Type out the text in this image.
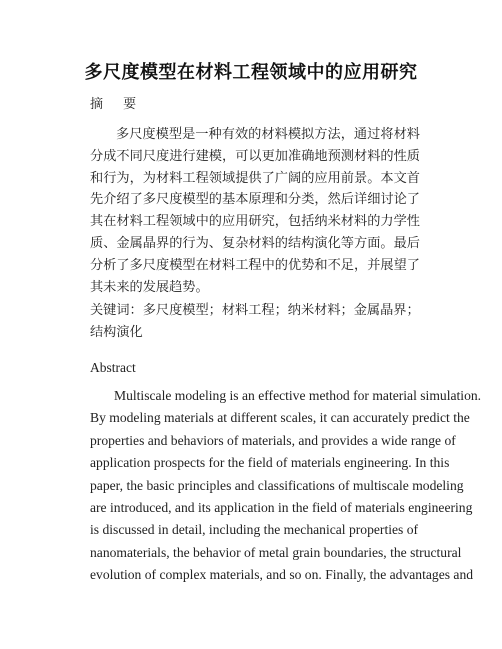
多尺度模型在材料工程领域中的应用研究
摘 要
多尺度模型是一种有效的材料模拟方法，通过将材料分成不同尺度进行建模，可以更加准确地预测材料的性质和行为，为材料工程领域提供了广阔的应用前景。本文首先介绍了多尺度模型的基本原理和分类，然后详细讨论了其在材料工程领域中的应用研究，包括纳米材料的力学性质、金属晶界的行为、复杂材料的结构演化等方面。最后分析了多尺度模型在材料工程中的优势和不足，并展望了其未来的发展趋势。
关键词：多尺度模型；材料工程；纳米材料；金属晶界；结构演化
Abstract
Multiscale modeling is an effective method for material simulation.
By modeling materials at different scales, it can accurately predict the
properties and behaviors of materials, and provides a wide range of
application prospects for the field of materials engineering. In this
paper, the basic principles and classifications of multiscale modeling
are introduced, and its application in the field of materials engineering
is discussed in detail, including the mechanical properties of
nanomaterials, the behavior of metal grain boundaries, the structural
evolution of complex materials, and so on. Finally, the advantages and
